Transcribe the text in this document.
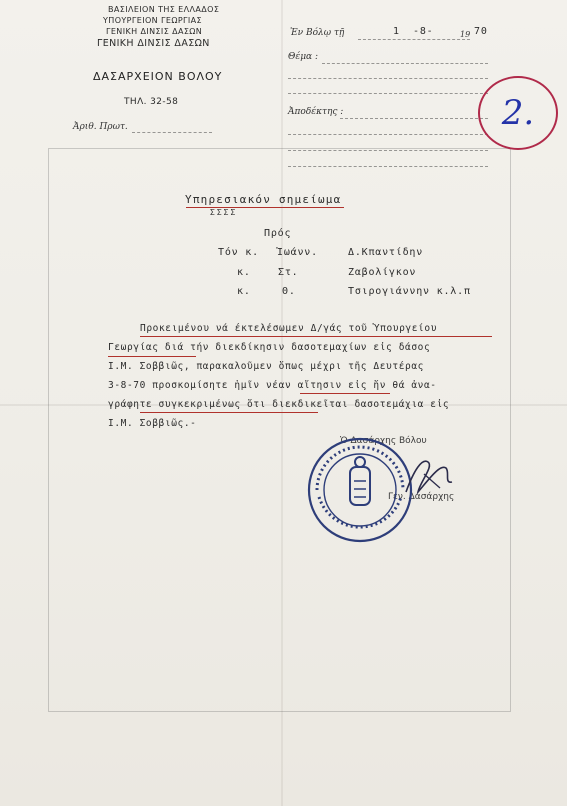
ΒΑΣΙΛΕΙΟΝ ΤΗΣ ΕΛΛΑΔΟΣ
ΥΠΟΥΡΓΕΙΟΝ ΓΕΩΡΓΙΑΣ
ΓΕΝΙΚΗ ΔΙΝΣΙΣ ΔΑΣΩΝ
ΓΕΝΙΚΗ ΔΙΝΣΙΣ ΔΑΣΩΝ
ΔΑΣΑΡΧΕΙΟΝ ΒΟΛΟΥ
ΤΗΛ. 32-58
Ἀριθ. Πρωτ.
Ἐν Βόλῳ τῇ	1 -8-	19 70
Θέμα :
Ἀποδέκτης :	2.
Υπηρεσιακόν σημείωμα
ΣΣΣΣ
Πρός
Τόν κ. Ἰωάνν.	Δ.Κπαντίδην
κ.	Στ.	Ζαβολίγκον
κ.	Θ.	Τσιρογιάννην κ.λ.π
Προκειμένου νά έκτελέσωμεν Δ/γάς τοῦ Ὑπουργείου
Γεωργίας διά τήν διεκδίκησιν δασοτεμαχίων εἰς δάσος
Ι.Μ. Σοββιῶς, παρακαλοῦμεν ὅπως μέχρι τῆς Δευτέρας
3-8-70 προσκομίσητε ἡμῖν νέαν αἴτησιν εἰς ἥν θά ἀνα-
γράφητε συγκεκριμένως ὅτι διεκδικεῖται δασοτεμάχια εἰς
Ι.Μ. Σοββιῶς.-
Ὁ Δασάρχης Βόλου
Γεν. Δασάρχης
